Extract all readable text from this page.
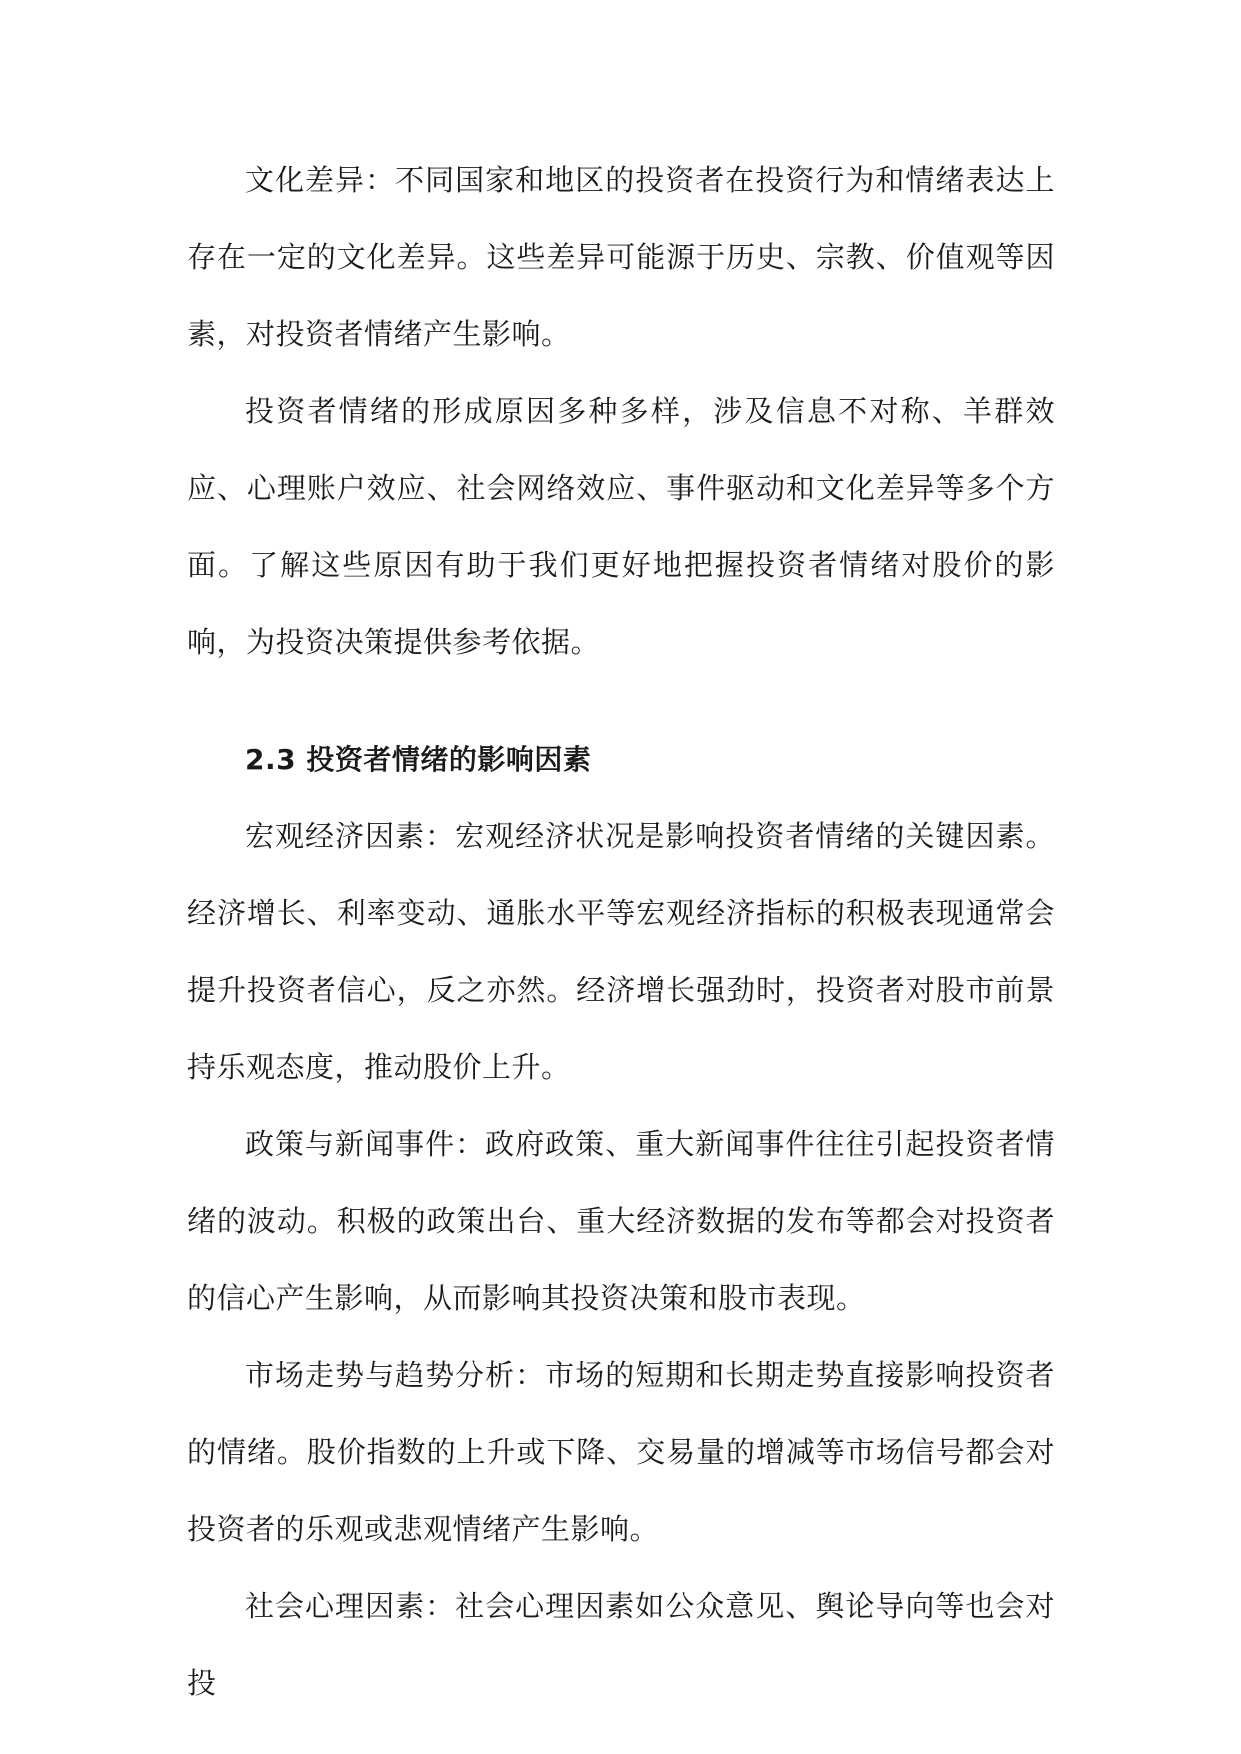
文化差异：不同国家和地区的投资者在投资行为和情绪表达上存在一定的文化差异。这些差异可能源于历史、宗教、价值观等因素，对投资者情绪产生影响。

投资者情绪的形成原因多种多样，涉及信息不对称、羊群效应、心理账户效应、社会网络效应、事件驱动和文化差异等多个方面。了解这些原因有助于我们更好地把握投资者情绪对股价的影响，为投资决策提供参考依据。

2.3 投资者情绪的影响因素

宏观经济因素：宏观经济状况是影响投资者情绪的关键因素。经济增长、利率变动、通胀水平等宏观经济指标的积极表现通常会提升投资者信心，反之亦然。经济增长强劲时，投资者对股市前景持乐观态度，推动股价上升。

政策与新闻事件：政府政策、重大新闻事件往往引起投资者情绪的波动。积极的政策出台、重大经济数据的发布等都会对投资者的信心产生影响，从而影响其投资决策和股市表现。

市场走势与趋势分析：市场的短期和长期走势直接影响投资者的情绪。股价指数的上升或下降、交易量的增减等市场信号都会对投资者的乐观或悲观情绪产生影响。

社会心理因素：社会心理因素如公众意见、舆论导向等也会对投
